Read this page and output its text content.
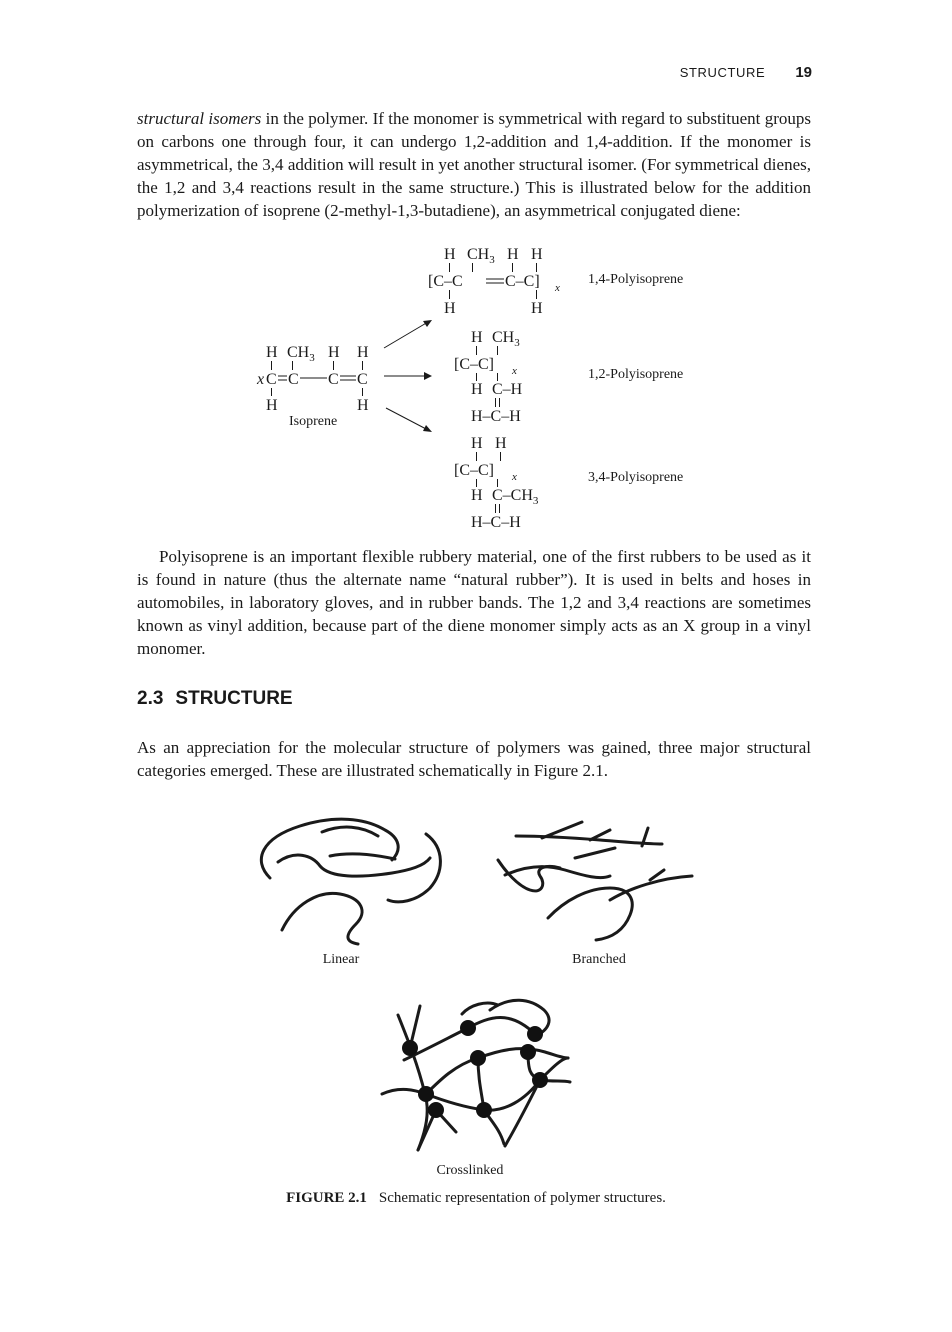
STRUCTURE 19

structural isomers in the polymer. If the monomer is symmetrical with regard to substituent groups on carbons one through four, it can undergo 1,2-addition and 1,4-addition. If the monomer is asymmetrical, the 3,4 addition will result in yet another structural isomer. (For symmetrical dienes, the 1,2 and 3,4 reactions result in the same structure.) This is illustrated below for the addition polymerization of isoprene (2-methyl-1,3-butadiene), an asymmetrical conjugated diene:

H $CH_3$ H H
[C–C	C–C] x
H	H
H $CH_3$ H H
x C C C C
H	H
H $CH_3$
[C–C] x
H C–H
H–C–H
H H
[C–C] x
H $C-CH_3$
H–C–H
Isoprene
1,4-Polyisoprene
1,2-Polyisoprene
3,4-Polyisoprene

Polyisoprene is an important flexible rubbery material, one of the first rubbers to be used as it is found in nature (thus the alternate name “natural rubber”). It is used in belts and hoses in automobiles, in laboratory gloves, and in rubber bands. The 1,2 and 3,4 reactions are sometimes known as vinyl addition, because part of the diene monomer simply acts as an X group in a vinyl monomer.

2.3 STRUCTURE

As an appreciation for the molecular structure of polymers was gained, three major structural categories emerged. These are illustrated schematically in Figure 2.1.

Linear	Branched
Crosslinked
FIGURE 2.1 Schematic representation of polymer structures.
